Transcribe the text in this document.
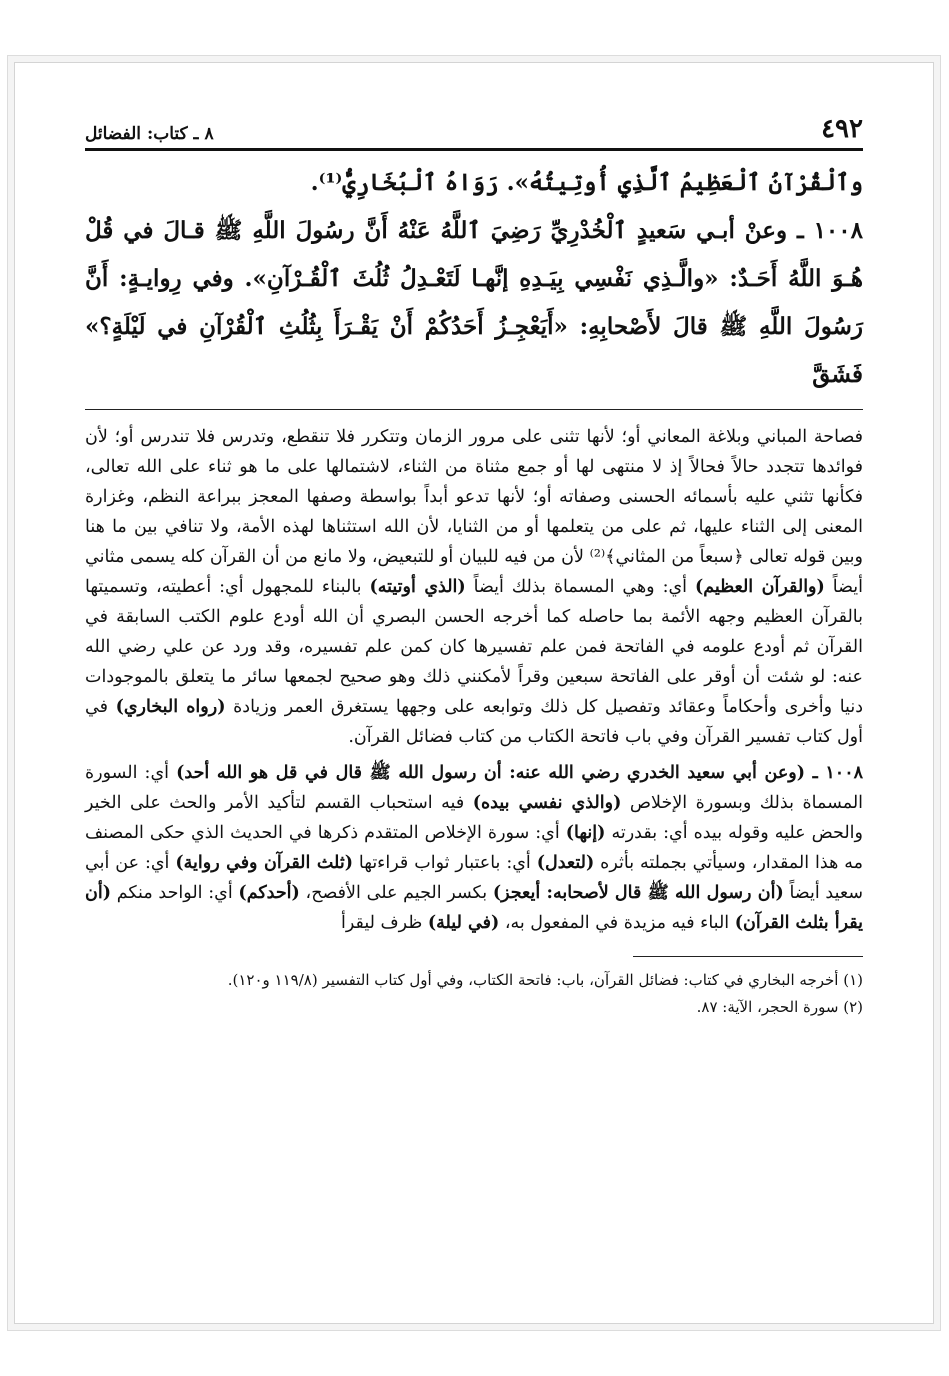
٤٩٢
٨ ـ كتاب: الفضائل

وٱلْقُرْآنُ ٱلْعَظِيمُ ٱلَّذِي أُوتِيتُهُ». رَوَاهُ ٱلْبُخَارِيُّ⁽¹⁾.

١٠٠٨ ـ وعنْ أبـي سَعيدٍ ٱلْخُدْرِيِّ رَضِيَ ٱللَّهُ عَنْهُ أَنَّ رسُولَ اللَّهِ ﷺ قـالَ في قُلْ هُـوَ اللَّهُ أَحَـدٌ: «والَّـذِي نَفْسِي بِيَـدِهِ إنَّهـا لَتَعْـدِلُ ثُلُثَ ٱلْقُـرْآنِ». وفي رِوايـةٍ: أَنَّ رَسُولَ اللَّهِ ﷺ قالَ لأَصْحابِهِ: «أَيَعْجِـزُ أَحَدُكُمْ أَنْ يَقْـرَأَ بِثُلُثِ ٱلْقُرْآنِ في لَيْلَةٍ؟» فَشَقَّ

فصاحة المباني وبلاغة المعاني أو؛ لأنها تثنى على مرور الزمان وتتكرر فلا تنقطع، وتدرس فلا تندرس أو؛ لأن فوائدها تتجدد حالاً فحالاً إذ لا منتهى لها أو جمع مثناة من الثناء، لاشتمالها على ما هو ثناء على الله تعالى، فكأنها تثني عليه بأسمائه الحسنى وصفاته أو؛ لأنها تدعو أبداً بواسطة وصفها المعجز ببراعة النظم، وغزارة المعنى إلى الثناء عليها، ثم على من يتعلمها أو من الثنايا، لأن الله استثناها لهذه الأمة، ولا تنافي بين ما هنا وبين قوله تعالى ﴿سبعاً من المثاني﴾⁽²⁾ لأن من فيه للبيان أو للتبعيض، ولا مانع من أن القرآن كله يسمى مثاني أيضاً (والقرآن العظيم) أي: وهي المسماة بذلك أيضاً (الذي أوتيته) بالبناء للمجهول أي: أعطيته، وتسميتها بالقرآن العظيم وجهه الأئمة بما حاصله كما أخرجه الحسن البصري أن الله أودع علوم الكتب السابقة في القرآن ثم أودع علومه في الفاتحة فمن علم تفسيرها كان كمن علم تفسيره، وقد ورد عن علي رضي الله عنه: لو شئت أن أوقر على الفاتحة سبعين وقراً لأمكنني ذلك وهو صحيح لجمعها سائر ما يتعلق بالموجودات دنيا وأخرى وأحكاماً وعقائد وتفصيل كل ذلك وتوابعه على وجهها يستغرق العمر وزيادة (رواه البخاري) في أول كتاب تفسير القرآن وفي باب فاتحة الكتاب من كتاب فضائل القرآن.

١٠٠٨ ـ (وعن أبي سعيد الخدري رضي الله عنه: أن رسول الله ﷺ قال في قل هو الله أحد) أي: السورة المسماة بذلك وبسورة الإخلاص (والذي نفسي بيده) فيه استحباب القسم لتأكيد الأمر والحث على الخير والحض عليه وقوله بيده أي: بقدرته (إنها) أي: سورة الإخلاص المتقدم ذكرها في الحديث الذي حكى المصنف مه هذا المقدار، وسيأتي بجملته بأثره (لتعدل) أي: باعتبار ثواب قراءتها (ثلث القرآن وفي رواية) أي: عن أبي سعيد أيضاً (أن رسول الله ﷺ قال لأصحابه: أيعجز) بكسر الجيم على الأفصح، (أحدكم) أي: الواحد منكم (أن يقرأ بثلث القرآن) الباء فيه مزيدة في المفعول به، (في ليلة) ظرف ليقرأ

(١) أخرجه البخاري في كتاب: فضائل القرآن، باب: فاتحة الكتاب، وفي أول كتاب التفسير (١١٩/٨ و١٢٠).

(٢) سورة الحجر، الآية: ٨٧.
